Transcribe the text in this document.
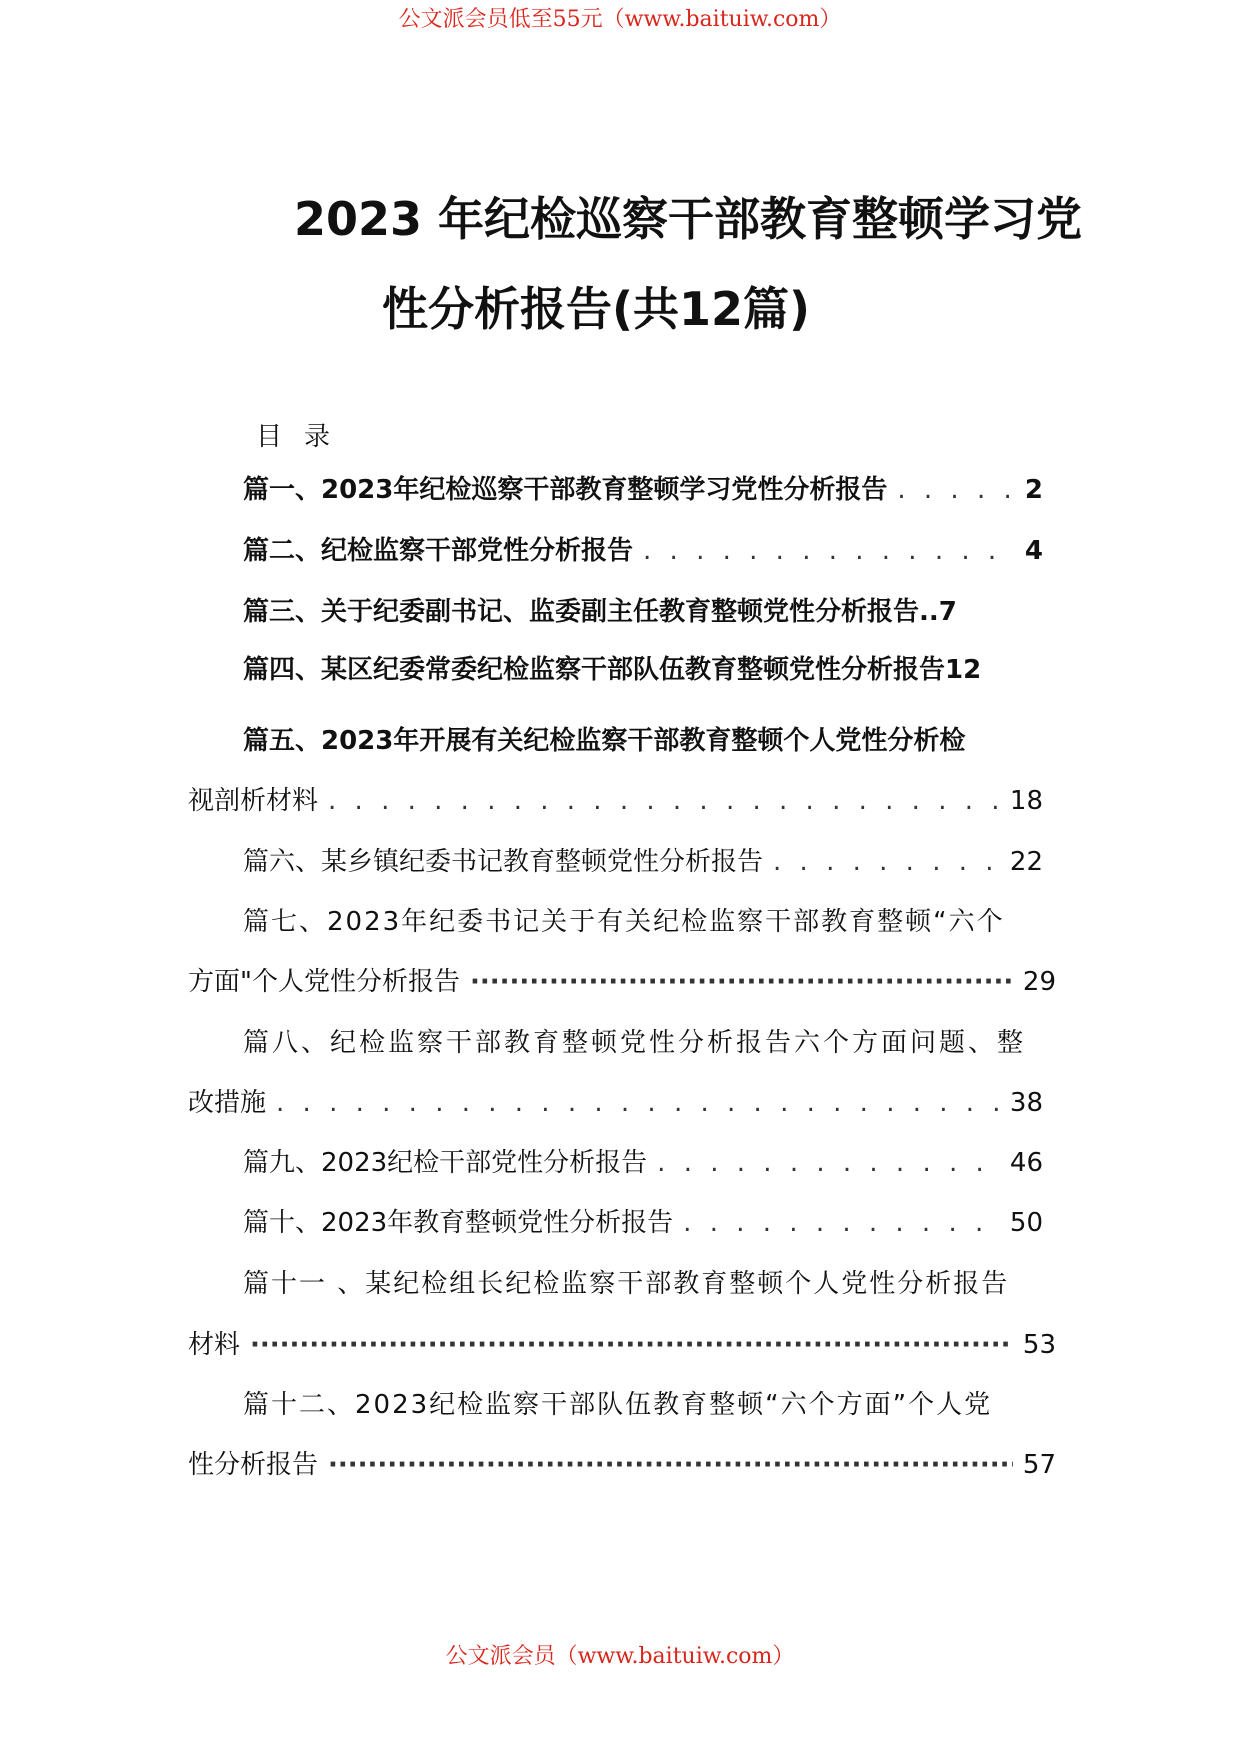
公文派会员低至55元（www.baituiw.com）
2023 年纪检巡察干部教育整顿学习党
性分析报告(共12篇)
目录
篇一、2023年纪检巡察干部教育整顿学习党性分析报告 . . .	2
篇二、纪检监察干部党性分析报告 . . .	4
篇三、关于纪委副书记、监委副主任教育整顿党性分析报告..7
篇四、某区纪委常委纪检监察干部队伍教育整顿党性分析报告12
篇五、2023年开展有关纪检监察干部教育整顿个人党性分析检
视剖析材料 . . .	18
篇六、某乡镇纪委书记教育整顿党性分析报告 . . .	22
篇七、2023年纪委书记关于有关纪检监察干部教育整顿“六个
方面"个人党性分析报告 ·····	29
篇八、纪检监察干部教育整顿党性分析报告六个方面问题、整
改措施 . . .	38
篇九、2023纪检干部党性分析报告 . . .	46
篇十、2023年教育整顿党性分析报告 . . .	50
篇十一 、某纪检组长纪检监察干部教育整顿个人党性分析报告
材料 ·····	53
篇十二、2023纪检监察干部队伍教育整顿“六个方面”个人党
性分析报告 ·····	57
公文派会员（www.baituiw.com）
